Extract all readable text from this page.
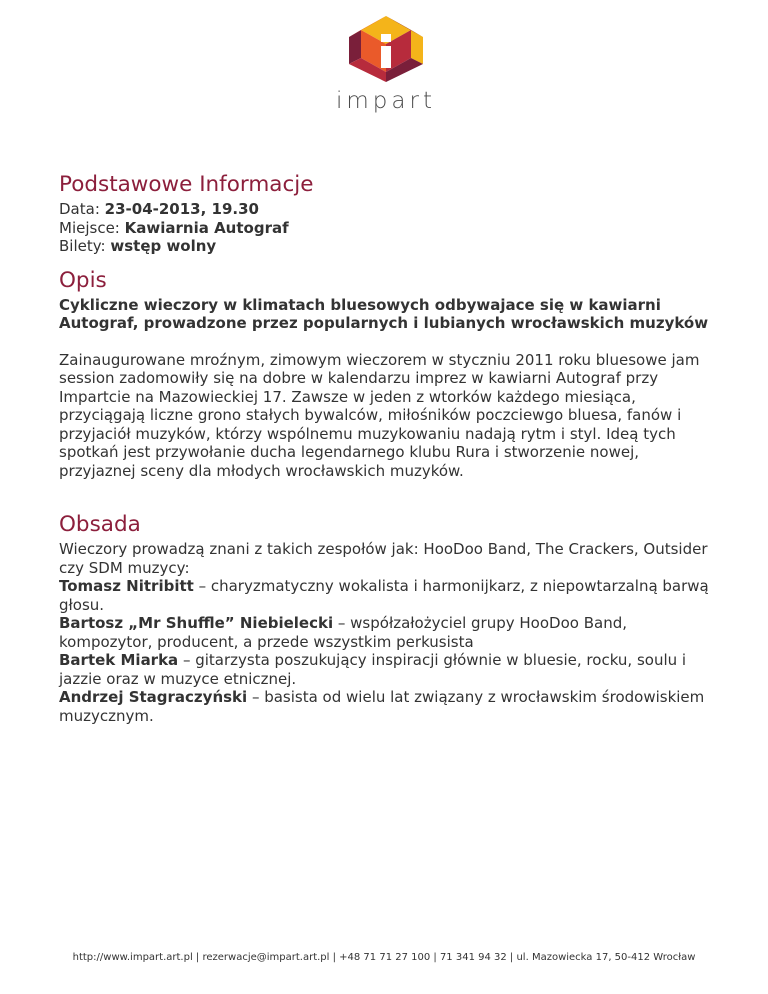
impart
Podstawowe Informacje

Data: 23-04-2013, 19.30

Miejsce: Kawiarnia Autograf

Bilety: wstęp wolny

Opis

Cykliczne wieczory w klimatach bluesowych odbywajace się w kawiarni Autograf, prowadzone przez popularnych i lubianych wrocławskich muzyków

Zainaugurowane mroźnym, zimowym wieczorem w styczniu 2011 roku bluesowe jam session zadomowiły się na dobre w kalendarzu imprez w kawiarni Autograf przy Impartcie na Mazowieckiej 17. Zawsze w jeden z wtorków każdego miesiąca, przyciągają liczne grono stałych bywalców, miłośników poczciewgo bluesa, fanów i przyjaciół muzyków, którzy wspólnemu muzykowaniu nadają rytm i styl. Ideą tych spotkań jest przywołanie ducha legendarnego klubu Rura i stworzenie nowej, przyjaznej sceny dla młodych wrocławskich muzyków.

Obsada

Wieczory prowadzą znani z takich zespołów jak: HooDoo Band, The Crackers, Outsider czy SDM muzycy:

Tomasz Nitribitt – charyzmatyczny wokalista i harmonijkarz, z niepowtarzalną barwą głosu.

Bartosz „Mr Shuffle” Niebielecki – współzałożyciel grupy HooDoo Band, kompozytor, producent, a przede wszystkim perkusista

Bartek Miarka – gitarzysta poszukujący inspiracji głównie w bluesie, rocku, soulu i jazzie oraz w muzyce etnicznej.

Andrzej Stagraczyński – basista od wielu lat związany z wrocławskim środowiskiem muzycznym.

http://www.impart.art.pl | rezerwacje@impart.art.pl | +48 71 71 27 100 | 71 341 94 32 | ul. Mazowiecka 17, 50-412 Wrocław
